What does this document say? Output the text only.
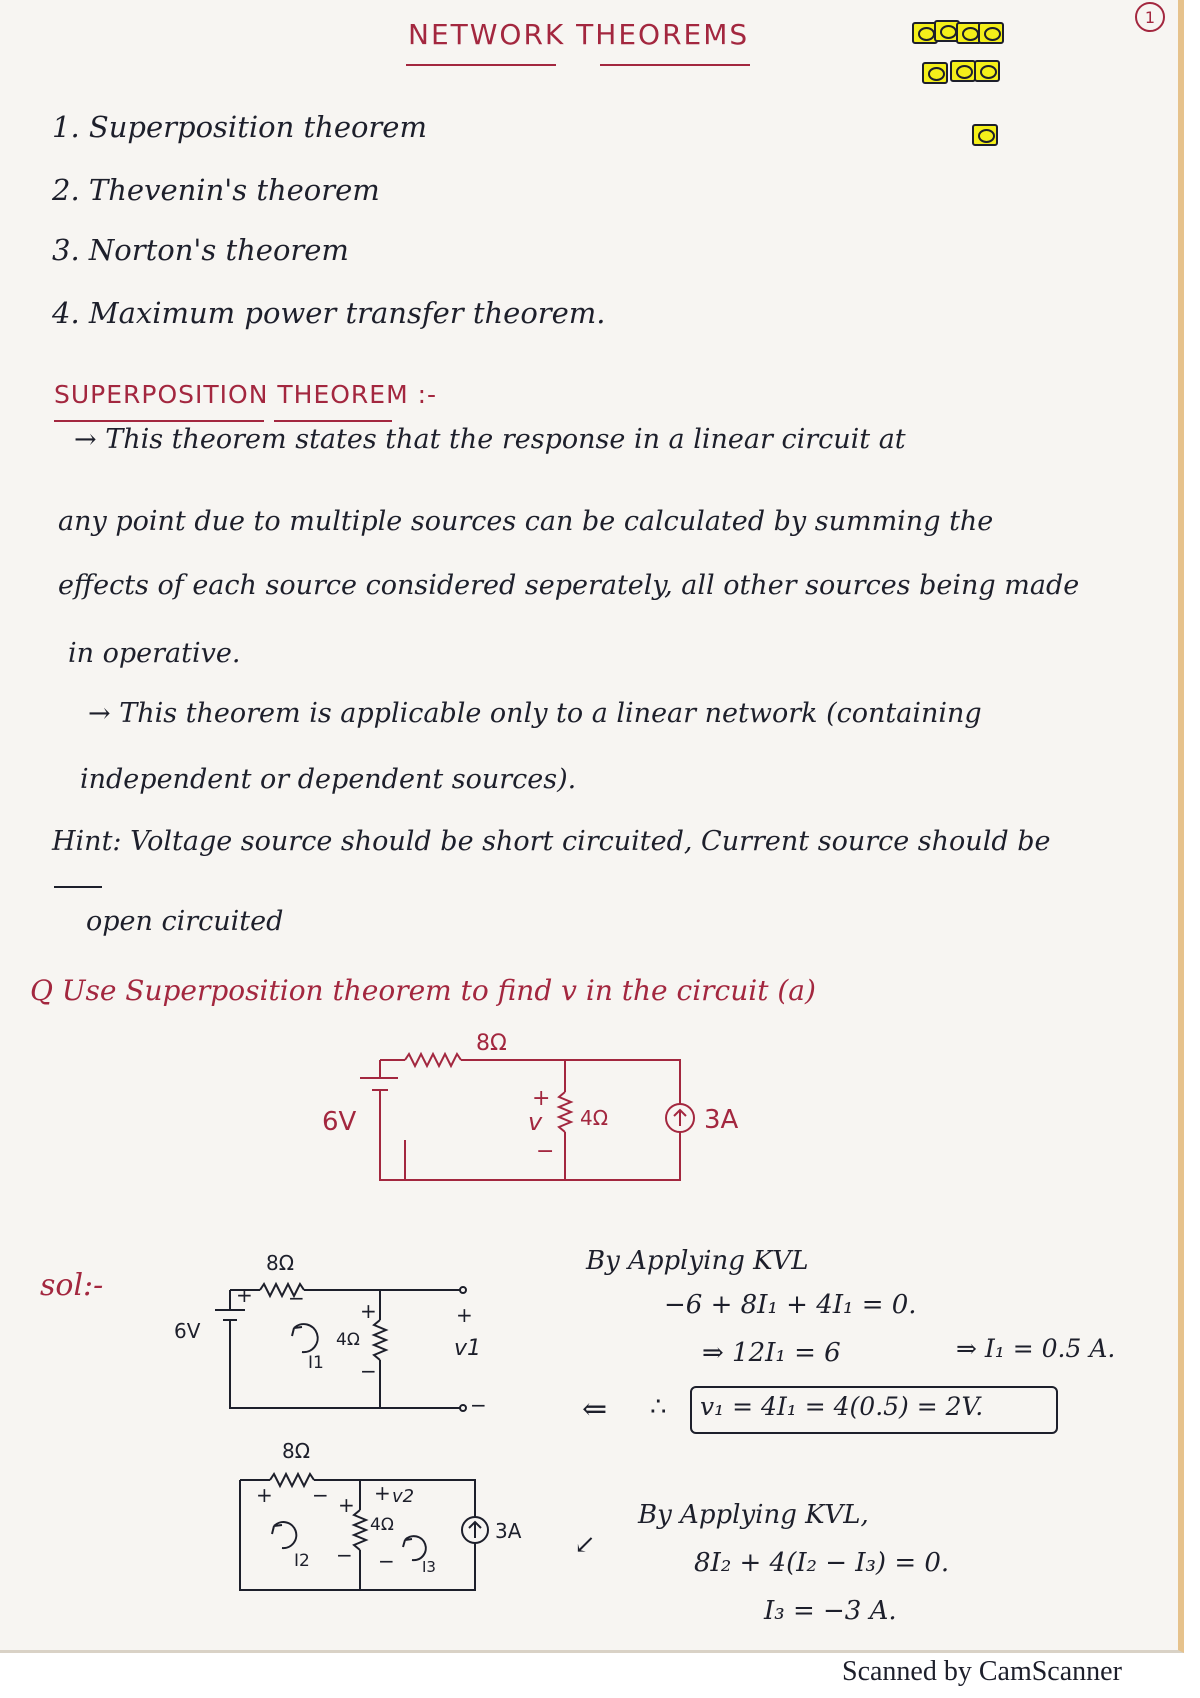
1
NETWORK THEOREMS
1. Superposition theorem
2. Thevenin's theorem
3. Norton's theorem
4. Maximum power transfer theorem.
SUPERPOSITION THEOREM :-
→ This theorem states that the response in a linear circuit at
any point due to multiple sources can be calculated by summing the
effects of each source considered seperately, all other sources being made
in operative.
→ This theorem is applicable only to a linear network (containing
independent or dependent sources).
Hint: Voltage source should be short circuited, Current source should be
open circuited
Q Use Superposition theorem to find v in the circuit (a)
8Ω
6V	v
+
−
4Ω	3A
sol:-
8Ω
6V
+ −
+
−
4Ω
I1
+
v1
−
8Ω
+ − +
−
+ v2
4Ω
−
I2	I3
3A
By Applying KVL
−6 + 8I₁ + 4I₁ = 0.
⇒ 12I₁ = 6	⇒ I₁ = 0.5 A.
⇐ ∴ v₁ = 4I₁ = 4(0.5) = 2V.
↙
By Applying KVL,
8I₂ + 4(I₂ − I₃) = 0.
I₃ = −3 A.
Scanned by CamScanner
